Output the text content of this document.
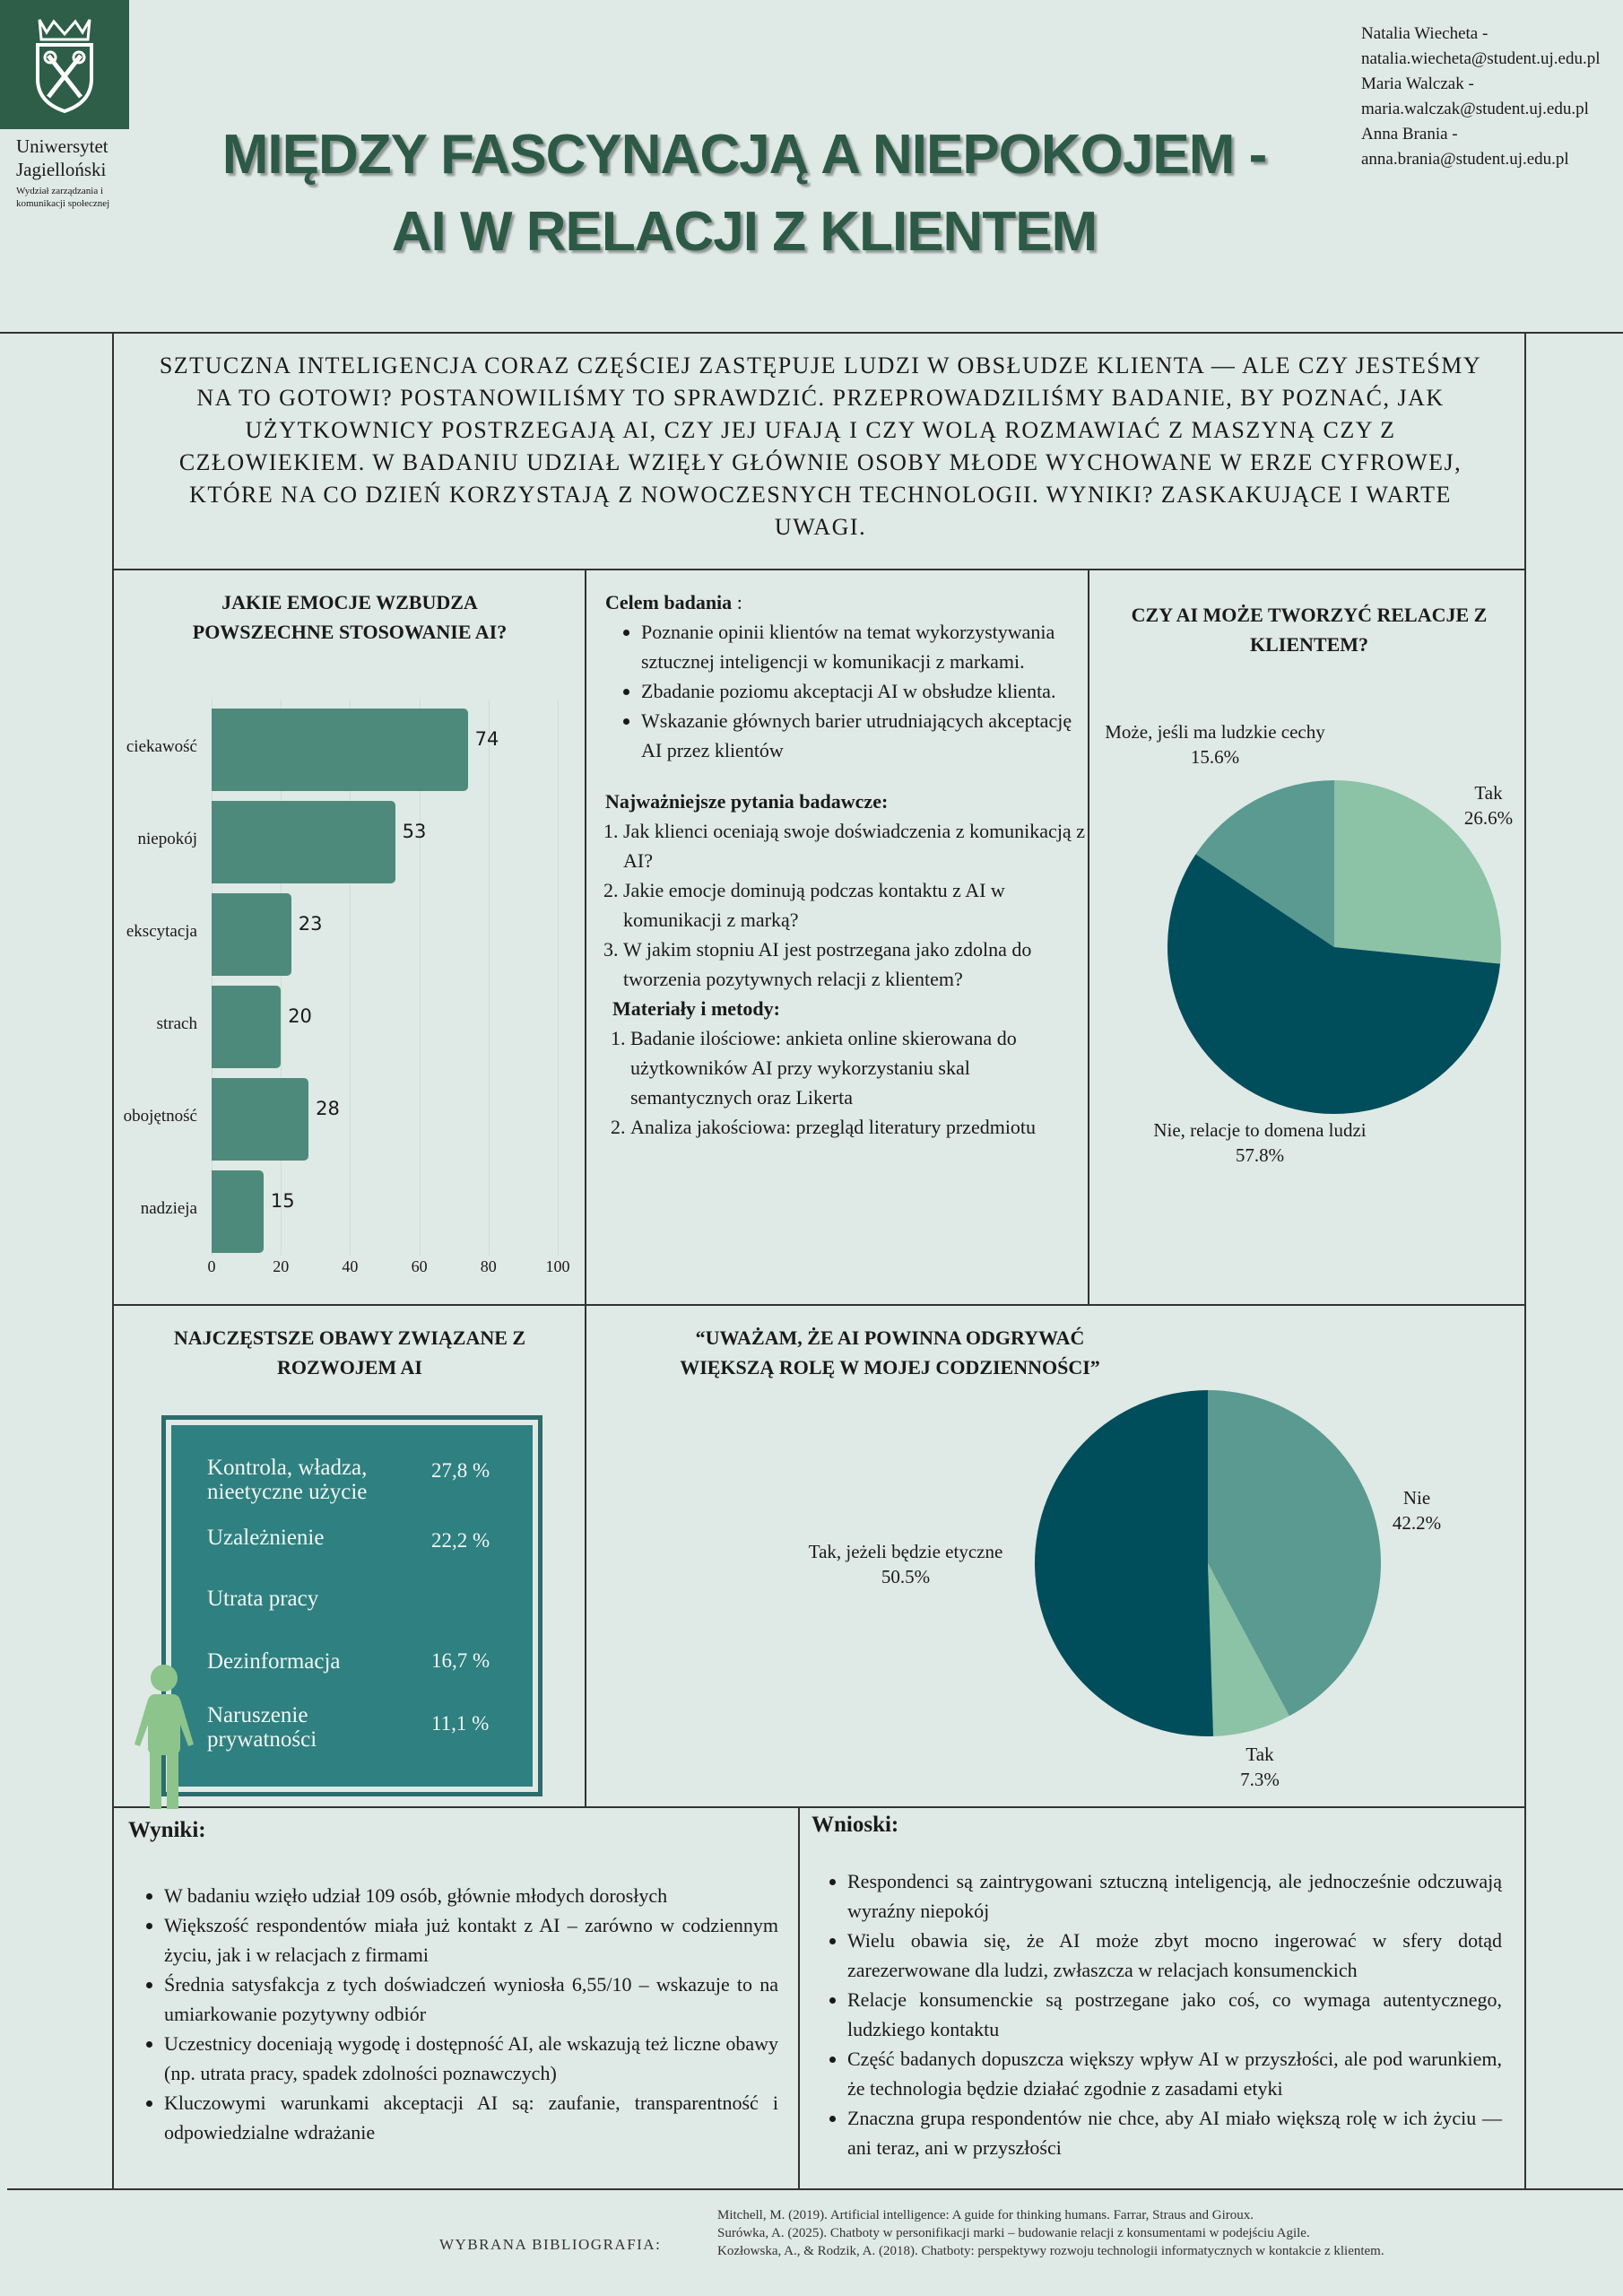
Uniwersytet
Jagielloński
Wydział zarządzania i
komunikacji społecznej
MIĘDZY FASCYNACJĄ A NIEPOKOJEM -
AI W RELACJI Z KLIENTEM
Natalia Wiecheta -
natalia.wiecheta@student.uj.edu.pl
Maria Walczak -
maria.walczak@student.uj.edu.pl
Anna Brania -
anna.brania@student.uj.edu.pl
SZTUCZNA INTELIGENCJA CORAZ CZĘŚCIEJ ZASTĘPUJE LUDZI W OBSŁUDZE KLIENTA — ALE CZY JESTEŚMY
NA TO GOTOWI? POSTANOWILIŚMY TO SPRAWDZIĆ. PRZEPROWADZILIŚMY BADANIE, BY POZNAĆ, JAK
UŻYTKOWNICY POSTRZEGAJĄ AI, CZY JEJ UFAJĄ I CZY WOLĄ ROZMAWIAĆ Z MASZYNĄ CZY Z
CZŁOWIEKIEM. W BADANIU UDZIAŁ WZIĘŁY GŁÓWNIE OSOBY MŁODE WYCHOWANE W ERZE CYFROWEJ,
KTÓRE NA CO DZIEŃ KORZYSTAJĄ Z NOWOCZESNYCH TECHNOLOGII. WYNIKI? ZASKAKUJĄCE I WARTE
UWAGI.
JAKIE EMOCJE WZBUDZA
POWSZECHNE STOSOWANIE AI?
0	20	40	60	80	100
ciekawość	74
niepokój	53
ekscytacja	23
strach	20
obojętność	28
nadzieja	15

Celem badania :

• Poznanie opinii klientów na temat wykorzystywania sztucznej inteligencji w komunikacji z markami.
• Zbadanie poziomu akceptacji AI w obsłudze klienta.
• Wskazanie głównych barier utrudniających akceptację AI przez klientów

Najważniejsze pytania badawcze:

1. Jak klienci oceniają swoje doświadczenia z komunikacją z AI?
2. Jakie emocje dominują podczas kontaktu z AI w komunikacji z marką?
3. W jakim stopniu AI jest postrzegana jako zdolna do tworzenia pozytywnych relacji z klientem?

Materiały i metody:

1. Badanie ilościowe: ankieta online skierowana do użytkowników AI przy wykorzystaniu skal semantycznych oraz Likerta
2. Analiza jakościowa: przegląd literatury przedmiotu
CZY AI MOŻE TWORZYĆ RELACJE Z
KLIENTEM?
Może, jeśli ma ludzkie cechy
15.6%
Tak
26.6%
Nie, relacje to domena ludzi
57.8%
NAJCZĘSTSZE OBAWY ZWIĄZANE Z
ROZWOJEM AI
Kontrola, władza,
nieetyczne użycie
27,8 %
Uzależnienie	22,2 %
Utrata pracy
Dezinformacja	16,7 %
Naruszenie
prywatności
11,1 %
“UWAŻAM, ŻE AI POWINNA ODGRYWAĆ
WIĘKSZĄ ROLĘ W MOJEJ CODZIENNOŚCI”
Nie
42.2%
Tak, jeżeli będzie etyczne
50.5%
Tak
7.3%
Wyniki:
• W badaniu wzięło udział 109 osób, głównie młodych dorosłych
• Większość respondentów miała już kontakt z AI – zarówno w codziennym życiu, jak i w relacjach z firmami
• Średnia satysfakcja z tych doświadczeń wyniosła 6,55/10 – wskazuje to na umiarkowanie pozytywny odbiór
• Uczestnicy doceniają wygodę i dostępność AI, ale wskazują też liczne obawy (np. utrata pracy, spadek zdolności poznawczych)
• Kluczowymi warunkami akceptacji AI są: zaufanie, transparentność i odpowiedzialne wdrażanie
Wnioski:
• Respondenci są zaintrygowani sztuczną inteligencją, ale jednocześnie odczuwają wyraźny niepokój
• Wielu obawia się, że AI może zbyt mocno ingerować w sfery dotąd zarezerwowane dla ludzi, zwłaszcza w relacjach konsumenckich
• Relacje konsumenckie są postrzegane jako coś, co wymaga autentycznego, ludzkiego kontaktu
• Część badanych dopuszcza większy wpływ AI w przyszłości, ale pod warunkiem, że technologia będzie działać zgodnie z zasadami etyki
• Znaczna grupa respondentów nie chce, aby AI miało większą rolę w ich życiu — ani teraz, ani w przyszłości
WYBRANA BIBLIOGRAFIA:
Mitchell, M. (2019). Artificial intelligence: A guide for thinking humans. Farrar, Straus and Giroux.
Surówka, A. (2025). Chatboty w personifikacji marki – budowanie relacji z konsumentami w podejściu Agile.
Kozłowska, A., & Rodzik, A. (2018). Chatboty: perspektywy rozwoju technologii informatycznych w kontakcie z klientem.
